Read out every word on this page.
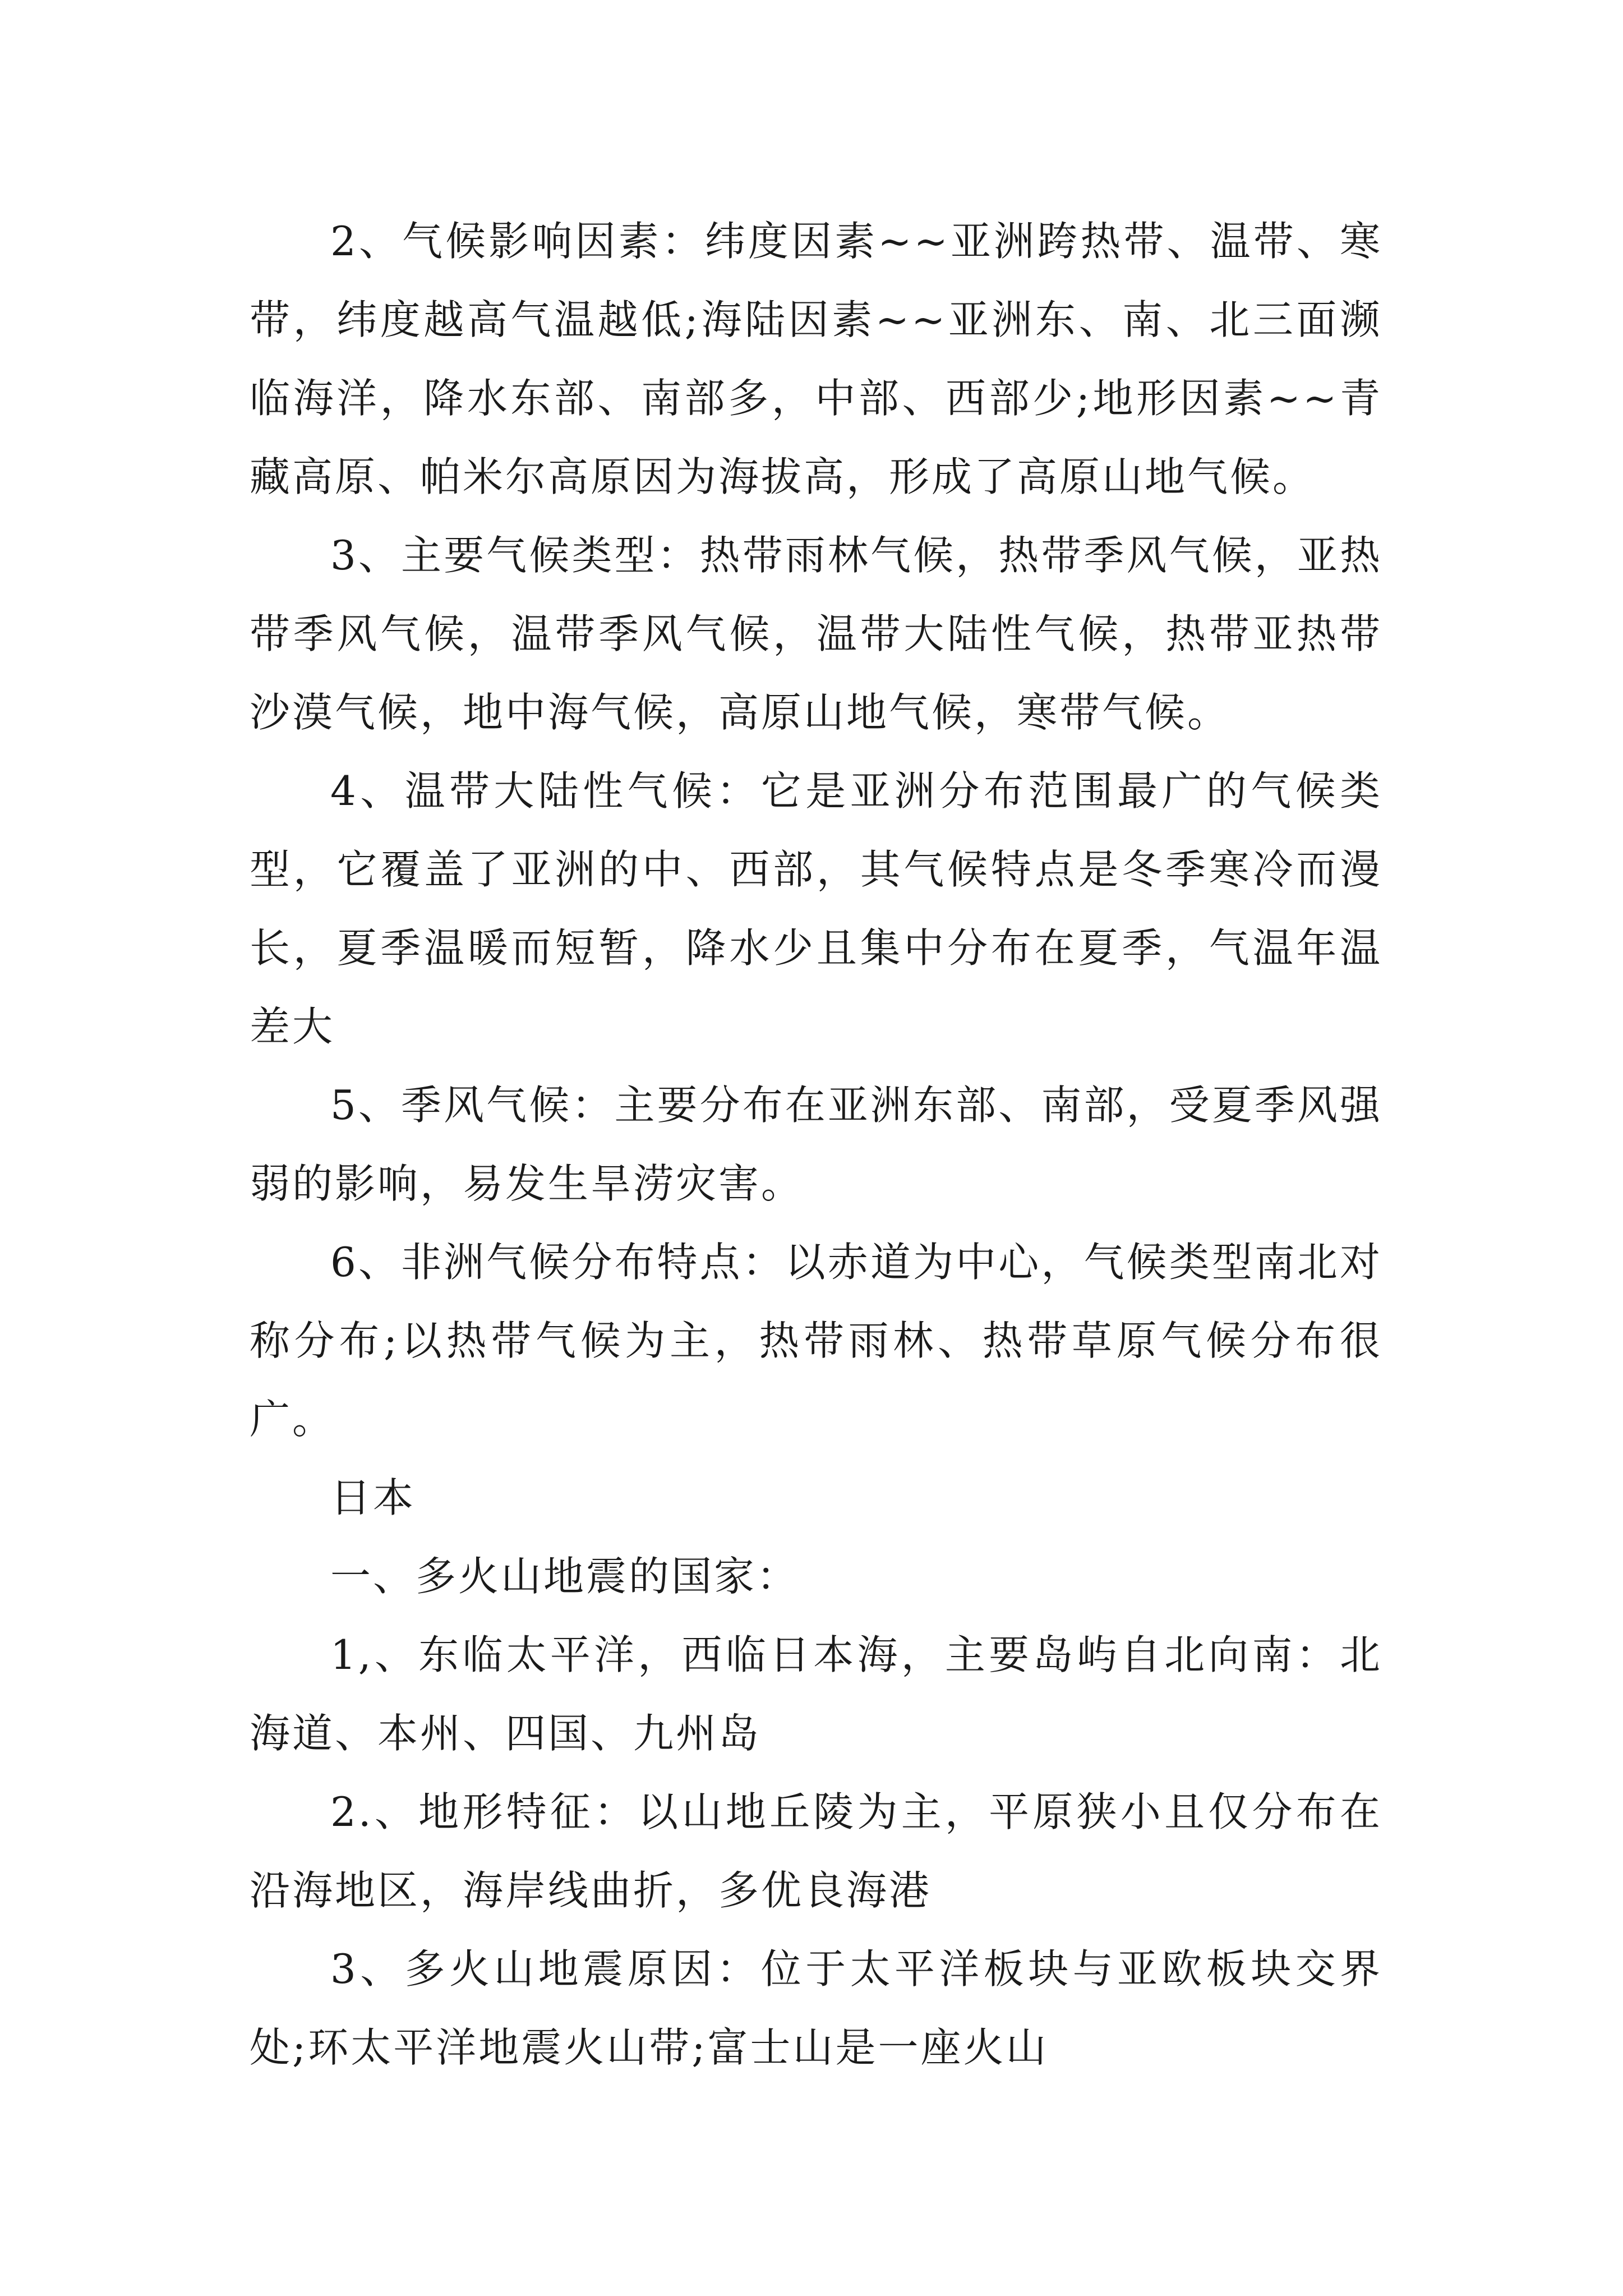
2、气候影响因素：纬度因素~~亚洲跨热带、温带、寒带，纬度越高气温越低;海陆因素~~亚洲东、南、北三面濒临海洋，降水东部、南部多，中部、西部少;地形因素~~青藏高原、帕米尔高原因为海拔高，形成了高原山地气候。

3、主要气候类型：热带雨林气候，热带季风气候，亚热带季风气候，温带季风气候，温带大陆性气候，热带亚热带沙漠气候，地中海气候，高原山地气候，寒带气候。

4、温带大陆性气候：它是亚洲分布范围最广的气候类型，它覆盖了亚洲的中、西部，其气候特点是冬季寒冷而漫长，夏季温暖而短暂，降水少且集中分布在夏季，气温年温差大

5、季风气候：主要分布在亚洲东部、南部，受夏季风强弱的影响，易发生旱涝灾害。

6、非洲气候分布特点：以赤道为中心，气候类型南北对称分布;以热带气候为主，热带雨林、热带草原气候分布很广。

日本

一、多火山地震的国家：

1,、东临太平洋，西临日本海，主要岛屿自北向南：北海道、本州、四国、九州岛

2.、地形特征：以山地丘陵为主，平原狭小且仅分布在沿海地区，海岸线曲折，多优良海港

3、多火山地震原因：位于太平洋板块与亚欧板块交界处;环太平洋地震火山带;富士山是一座火山
